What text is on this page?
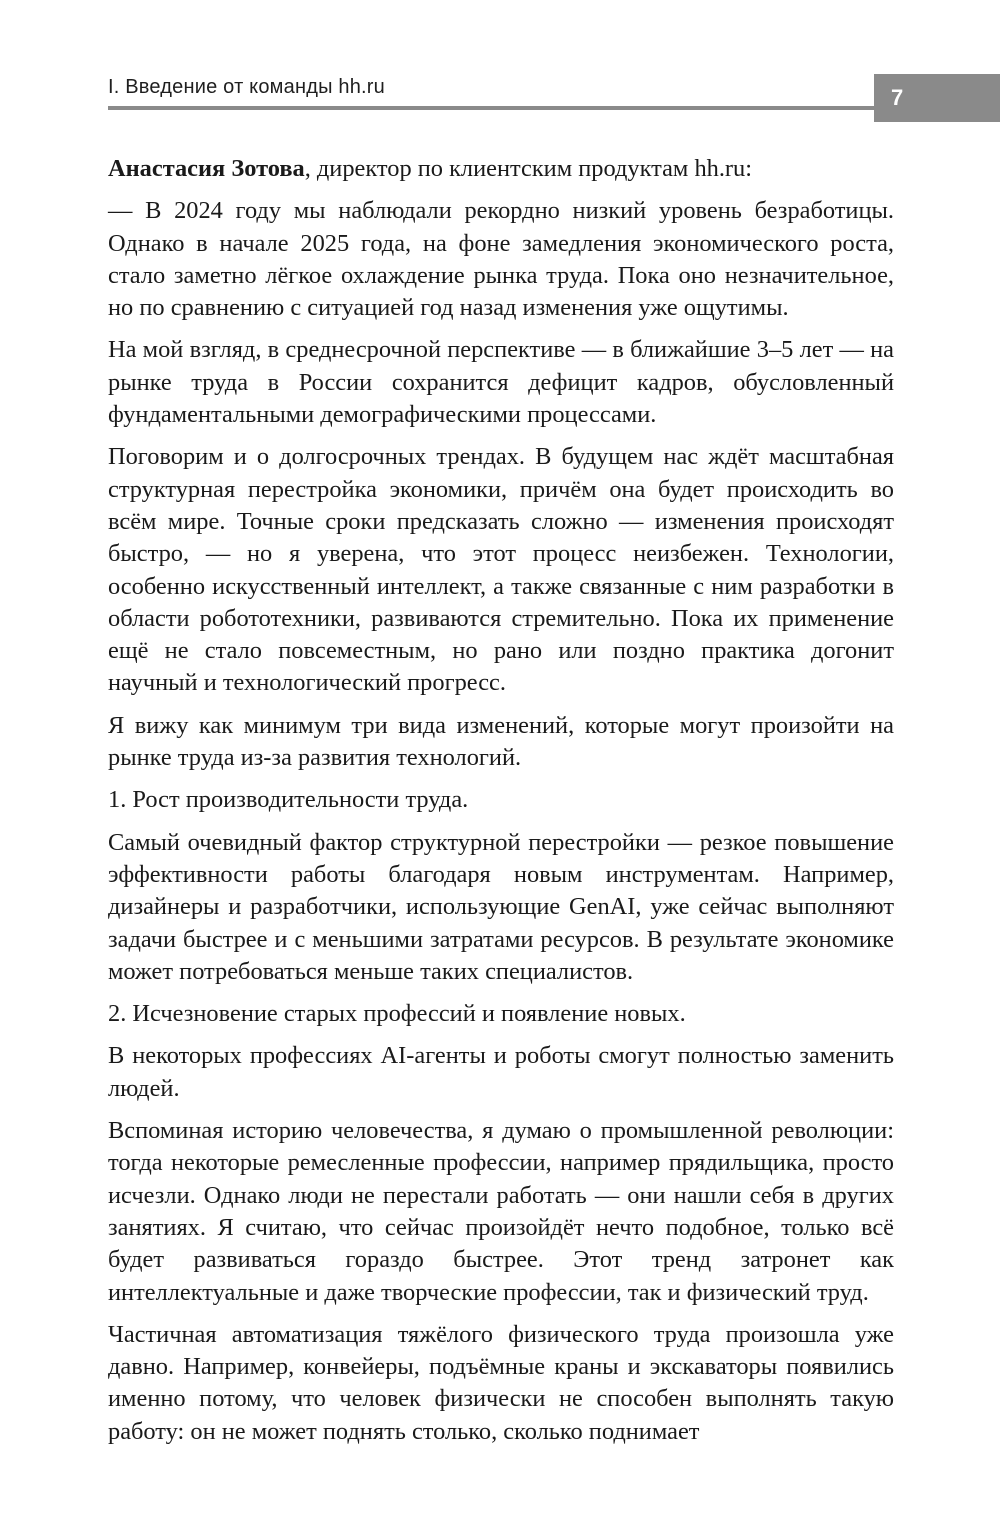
I. Введение от команды hh.ru	7

Анастасия Зотова, директор по клиентским продуктам hh.ru:

— В 2024 году мы наблюдали рекордно низкий уровень безработицы. Однако в начале 2025 года, на фоне замедления экономического роста, стало заметно лёгкое охлаждение рынка труда. Пока оно незначительное, но по сравнению с ситуацией год назад изменения уже ощутимы.

На мой взгляд, в среднесрочной перспективе — в ближайшие 3–5 лет — на рынке труда в России сохранится дефицит кадров, обусловленный фундаментальными демографическими процессами.

Поговорим и о долгосрочных трендах. В будущем нас ждёт масштабная структурная перестройка экономики, причём она будет происходить во всём мире. Точные сроки предсказать сложно — изменения происходят быстро, — но я уверена, что этот процесс неизбежен. Технологии, особенно искусственный интеллект, а также связанные с ним разработки в области робототехники, развиваются стремительно. Пока их применение ещё не стало повсеместным, но рано или поздно практика догонит научный и технологический прогресс.

Я вижу как минимум три вида изменений, которые могут произойти на рынке труда из-за развития технологий.

1. Рост производительности труда.

Самый очевидный фактор структурной перестройки — резкое повышение эффективности работы благодаря новым инструментам. Например, дизайнеры и разработчики, использующие GenAI, уже сейчас выполняют задачи быстрее и с меньшими затратами ресурсов. В результате экономике может потребоваться меньше таких специалистов.

2. Исчезновение старых профессий и появление новых.

В некоторых профессиях AI-агенты и роботы смогут полностью заменить людей.

Вспоминая историю человечества, я думаю о промышленной революции: тогда некоторые ремесленные профессии, например прядильщика, просто исчезли. Однако люди не перестали работать — они нашли себя в других занятиях. Я считаю, что сейчас произойдёт нечто подобное, только всё будет развиваться гораздо быстрее. Этот тренд затронет как интеллектуальные и даже творческие профессии, так и физический труд.

Частичная автоматизация тяжёлого физического труда произошла уже давно. Например, конвейеры, подъёмные краны и экскаваторы появились именно потому, что человек физически не способен выполнять такую работу: он не может поднять столько, сколько поднимает
